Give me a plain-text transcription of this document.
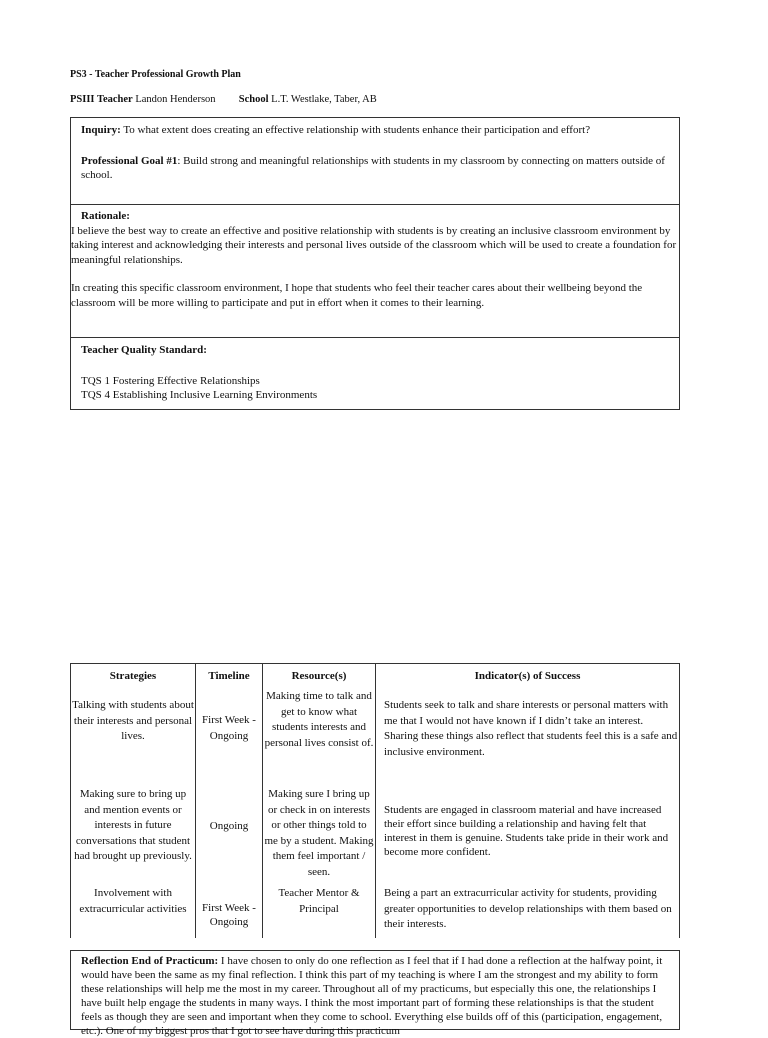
PS3 - Teacher Professional Growth Plan
PSIII Teacher Landon Henderson School L.T. Westlake, Taber, AB

Inquiry: To what extent does creating an effective relationship with students enhance their participation and effort?

Professional Goal #1: Build strong and meaningful relationships with students in my classroom by connecting on matters outside of school.

Rationale:

I believe the best way to create an effective and positive relationship with students is by creating an inclusive classroom environment by taking interest and acknowledging their interests and personal lives outside of the classroom which will be used to create a foundation for meaningful relationships.

In creating this specific classroom environment, I hope that students who feel their teacher cares about their wellbeing beyond the classroom will be more willing to participate and put in effort when it comes to their learning.

Teacher Quality Standard:

TQS 1 Fostering Effective Relationships

TQS 4 Establishing Inclusive Learning Environments

Strategies	Timeline	Resource(s)	Indicator(s) of Success

Talking with students about their interests and personal lives.	First Week - Ongoing	Making time to talk and get to know what students interests and personal lives consist of.	Students seek to talk and share interests or personal matters with me that I would not have known if I didn’t take an interest. Sharing these things also reflect that students feel this is a safe and inclusive environment.

Making sure to bring up and mention events or interests in future conversations that student had brought up previously.	Ongoing	Making sure I bring up or check in on interests or other things told to me by a student. Making them feel important / seen.	Students are engaged in classroom material and have increased their effort since building a relationship and having felt that interest in them is genuine. Students take pride in their work and become more confident.

Involvement with extracurricular activities	First Week - Ongoing	Teacher Mentor & Principal	Being a part an extracurricular activity for students, providing greater opportunities to develop relationships with them based on their interests.
Reflection End of Practicum: I have chosen to only do one reflection as I feel that if I had done a reflection at the halfway point, it would have been the same as my final reflection. I think this part of my teaching is where I am the strongest and my ability to form these relationships will help me the most in my career. Throughout all of my practicums, but especially this one, the relationships I have built help engage the students in many ways. I think the most important part of forming these relationships is that the student feels as though they are seen and important when they come to school. Everything else builds off of this (participation, engagement, etc.). One of my biggest pros that I got to see have during this practicum
